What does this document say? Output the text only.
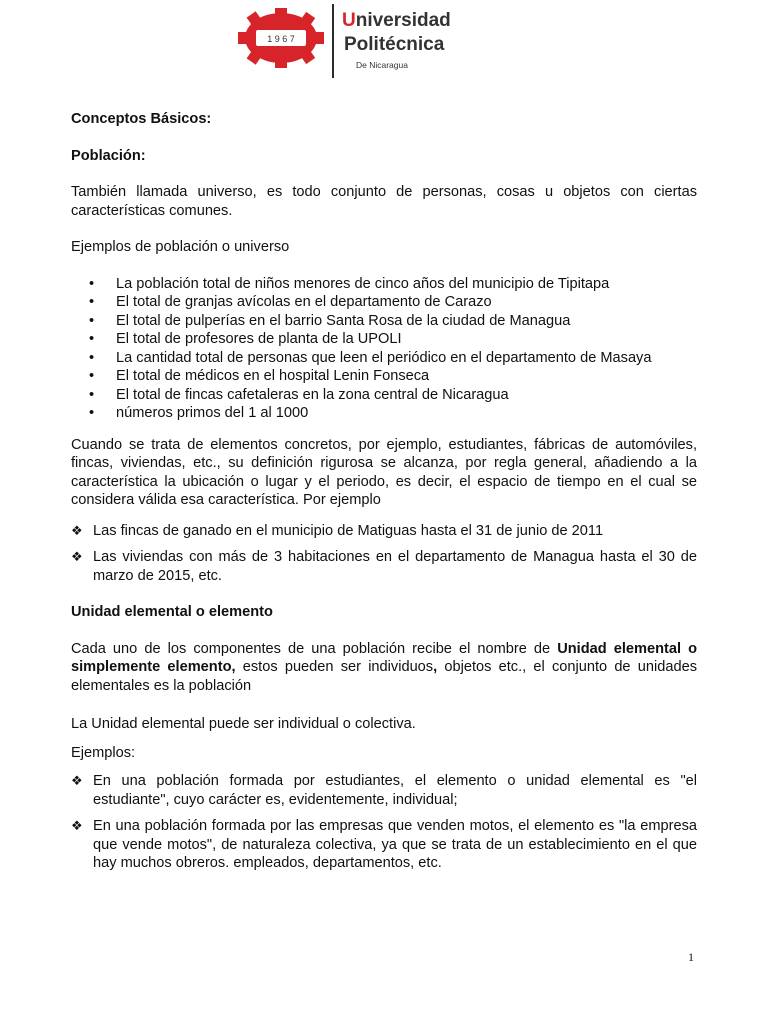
1 9 6 7
Universidad
Politécnica
De Nicaragua

Conceptos Básicos:

Población:

También llamada universo, es todo conjunto de personas, cosas u objetos con ciertas características comunes.

Ejemplos de población o universo

• La población total de niños menores de cinco años del municipio de Tipitapa
• El total de granjas avícolas en el departamento de Carazo
• El total de pulperías en el barrio Santa Rosa de la ciudad de Managua
• El total de profesores de planta de la UPOLI
• La cantidad total de personas que leen el periódico en el departamento de Masaya
• El total de médicos en el hospital Lenin Fonseca
• El total de fincas cafetaleras en la zona central de Nicaragua
• números primos del 1 al 1000

Cuando se trata de elementos concretos, por ejemplo, estudiantes, fábricas de automóviles, fincas, viviendas, etc., su definición rigurosa se alcanza, por regla general, añadiendo a la característica la ubicación o lugar y el periodo, es decir, el espacio de tiempo en el cual se considera válida esa característica. Por ejemplo

❖ Las fincas de ganado en el municipio de Matiguas hasta el 31 de junio de 2011
❖ Las viviendas con más de 3 habitaciones en el departamento de Managua hasta el 30 de marzo de 2015, etc.

Unidad elemental o elemento

Cada uno de los componentes de una población recibe el nombre de Unidad elemental o simplemente elemento, estos pueden ser individuos, objetos etc., el conjunto de unidades elementales es la población

La Unidad elemental puede ser individual o colectiva.

Ejemplos:

❖ En una población formada por estudiantes, el elemento o unidad elemental es "el estudiante", cuyo carácter es, evidentemente, individual;
❖ En una población formada por las empresas que venden motos, el elemento es "la empresa que vende motos", de naturaleza colectiva, ya que se trata de un establecimiento en el que hay muchos obreros. empleados, departamentos, etc.
1
